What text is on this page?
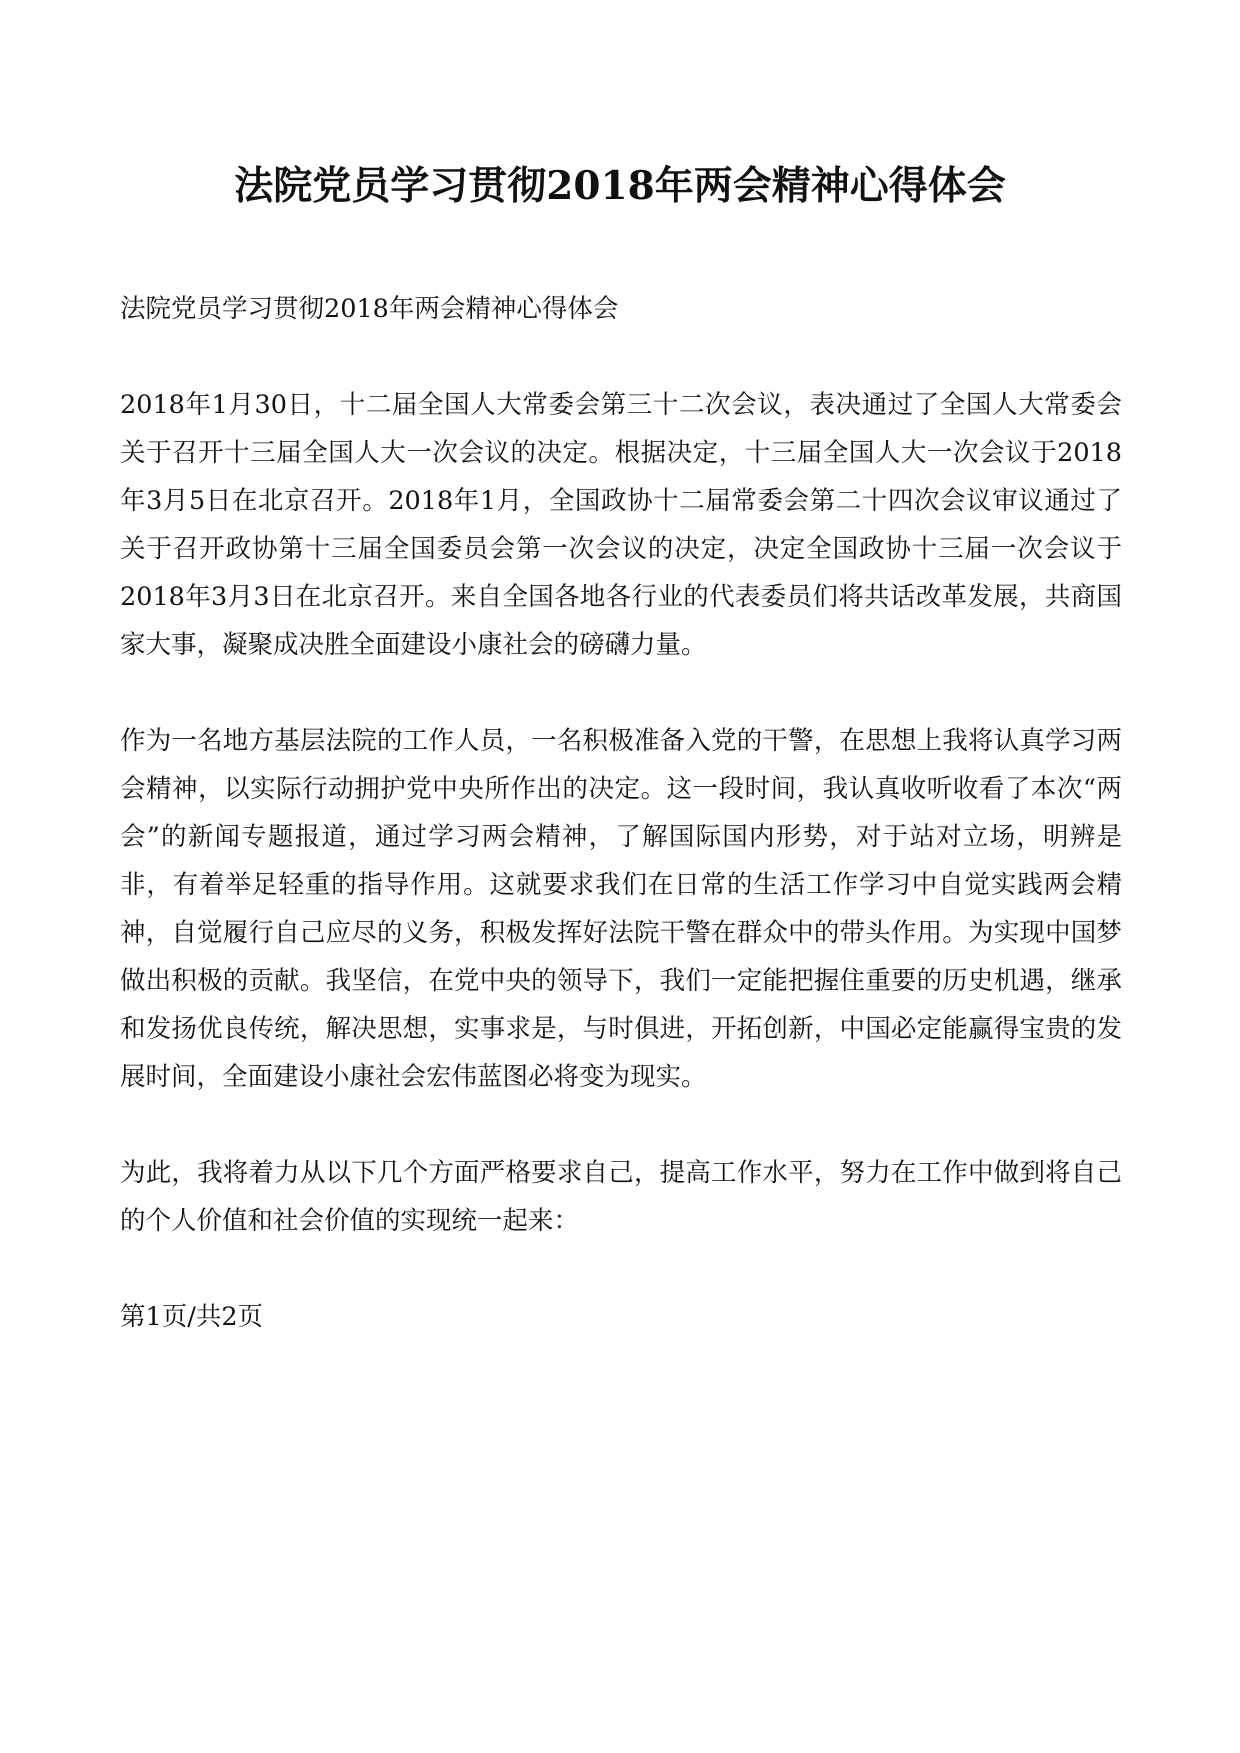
法院党员学习贯彻2018年两会精神心得体会

法院党员学习贯彻2018年两会精神心得体会

2018年1月30日，十二届全国人大常委会第三十二次会议，表决通过了全国人大常委会关于召开十三届全国人大一次会议的决定。根据决定，十三届全国人大一次会议于2018年3月5日在北京召开。2018年1月，全国政协十二届常委会第二十四次会议审议通过了关于召开政协第十三届全国委员会第一次会议的决定，决定全国政协十三届一次会议于2018年3月3日在北京召开。来自全国各地各行业的代表委员们将共话改革发展，共商国家大事，凝聚成决胜全面建设小康社会的磅礴力量。

作为一名地方基层法院的工作人员，一名积极准备入党的干警，在思想上我将认真学习两会精神，以实际行动拥护党中央所作出的决定。这一段时间，我认真收听收看了本次“两会”的新闻专题报道，通过学习两会精神，了解国际国内形势，对于站对立场，明辨是非，有着举足轻重的指导作用。这就要求我们在日常的生活工作学习中自觉实践两会精神，自觉履行自己应尽的义务，积极发挥好法院干警在群众中的带头作用。为实现中国梦做出积极的贡献。我坚信，在党中央的领导下，我们一定能把握住重要的历史机遇，继承和发扬优良传统，解决思想，实事求是，与时俱进，开拓创新，中国必定能赢得宝贵的发展时间，全面建设小康社会宏伟蓝图必将变为现实。

为此，我将着力从以下几个方面严格要求自己，提高工作水平，努力在工作中做到将自己的个人价值和社会价值的实现统一起来：

第1页/共2页
